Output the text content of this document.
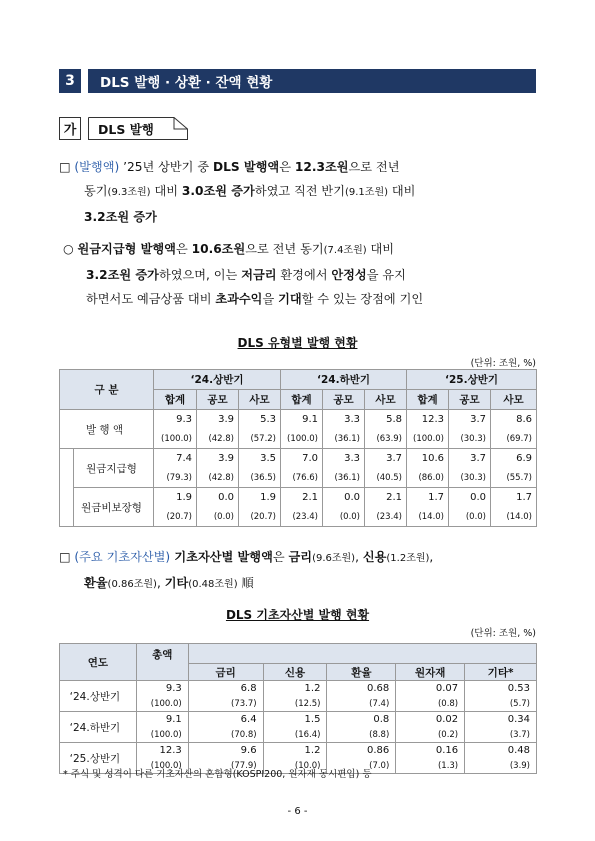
3	DLS 발행 · 상환 · 잔액 현황
가	DLS 발행
□ (발행액) ’25년 상반기 중 DLS 발행액은 12.3조원으로 전년
동기(9.3조원) 대비 3.0조원 증가하였고 직전 반기(9.1조원) 대비
3.2조원 증가
○ 원금지급형 발행액은 10.6조원으로 전년 동기(7.4조원) 대비
3.2조원 증가하였으며, 이는 저금리 환경에서 안정성을 유지
하면서도 예금상품 대비 초과수익을 기대할 수 있는 장점에 기인
DLS 유형별 발행 현황
(단위: 조원, %)
구 분		‘24.상반기			‘24.하반기			‘25.상반기		
		합계	공모	사모	합계	공모	사모	합계	공모	사모
발 행 액		9.3	3.9	5.3	9.1	3.3	5.8	12.3	3.7	8.6
		(100.0)	(42.8)	(57.2)	(100.0)	(36.1)	(63.9)	(100.0)	(30.3)	(69.7)
	원금지급형	7.4	3.9	3.5	7.0	3.3	3.7	10.6	3.7	6.9
		(79.3)	(42.8)	(36.5)	(76.6)	(36.1)	(40.5)	(86.0)	(30.3)	(55.7)
	원금비보장형	1.9	0.0	1.9	2.1	0.0	2.1	1.7	0.0	1.7
		(20.7)	(0.0)	(20.7)	(23.4)	(0.0)	(23.4)	(14.0)	(0.0)	(14.0)
□ (주요 기초자산별) 기초자산별 발행액은 금리(9.6조원), 신용(1.2조원),
환율(0.86조원), 기타(0.48조원) 順
DLS 기초자산별 발행 현황
(단위: 조원, %)
연도	총액					
		금리	신용	환율	원자재	기타*
‘24.상반기	9.3	6.8	1.2	0.68	0.07	0.53
	(100.0)	(73.7)	(12.5)	(7.4)	(0.8)	(5.7)
‘24.하반기	9.1	6.4	1.5	0.8	0.02	0.34
	(100.0)	(70.8)	(16.4)	(8.8)	(0.2)	(3.7)
‘25.상반기	12.3	9.6	1.2	0.86	0.16	0.48
	(100.0)	(77.9)	(10.0)	(7.0)	(1.3)	(3.9)
* 주식 및 성격이 다른 기초자산의 혼합형(KOSPI200, 원자재 동시편입) 등
- 6 -
